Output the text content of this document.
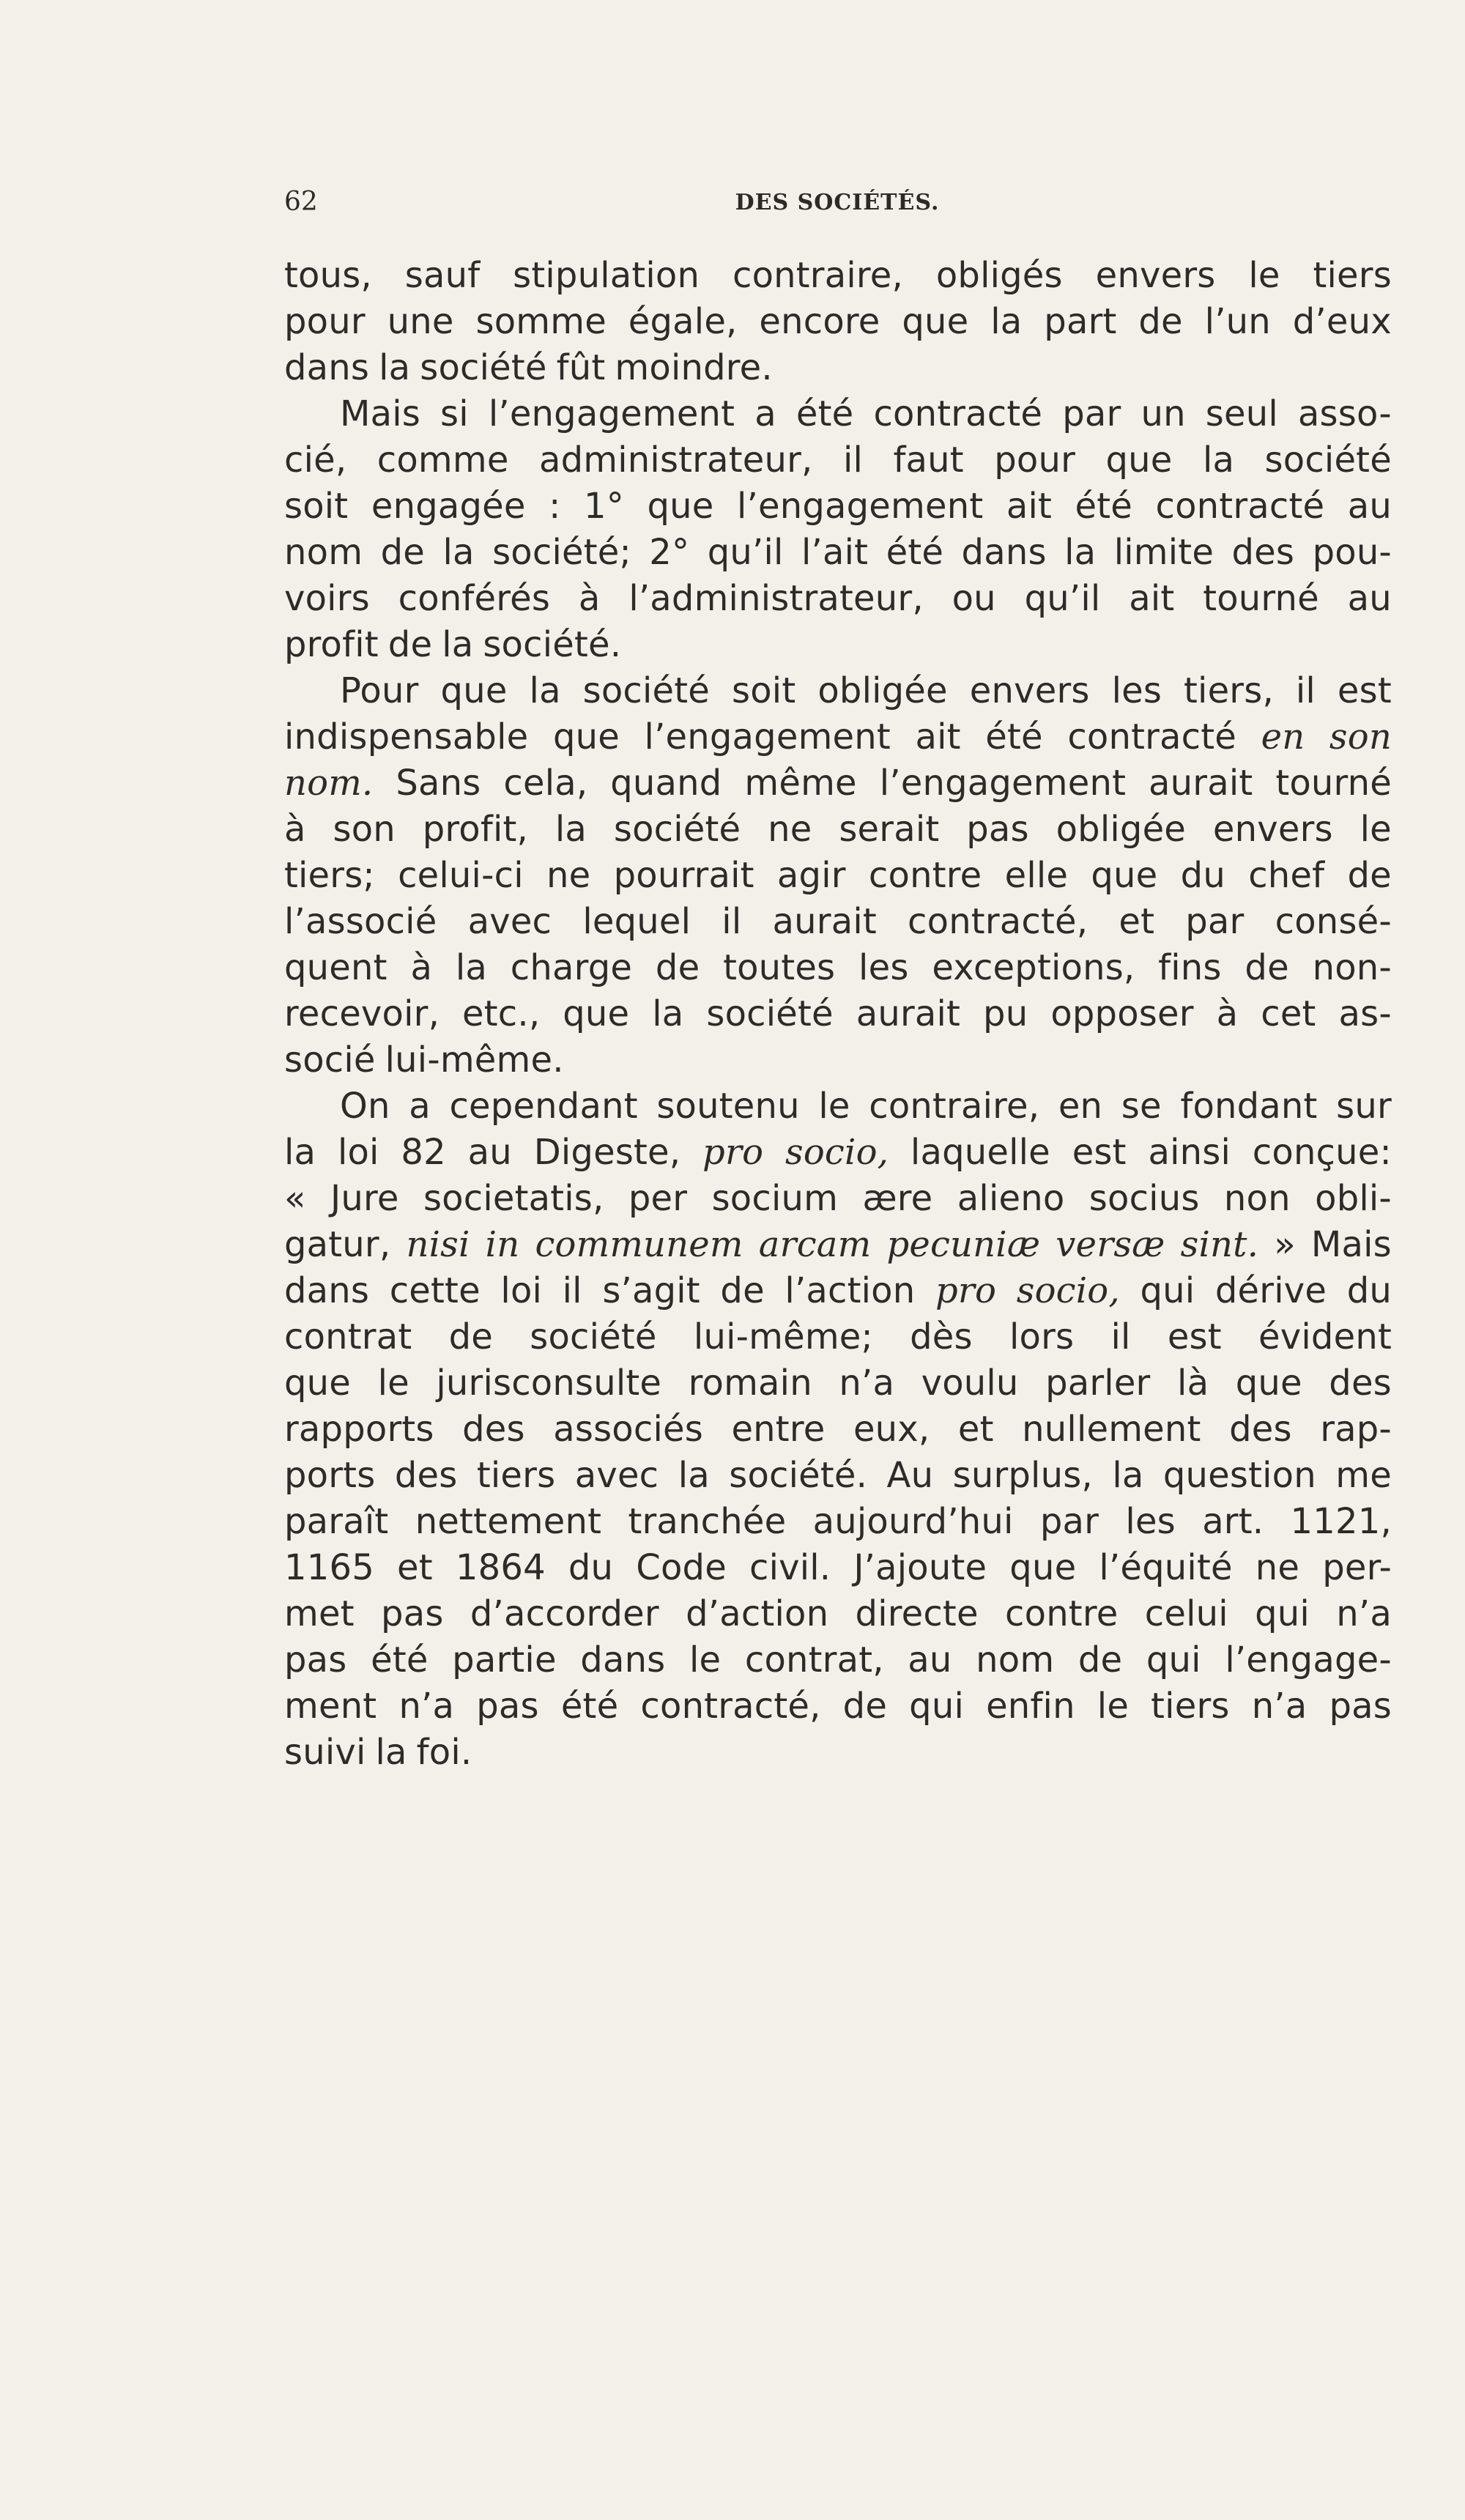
62	DES SOCIÉTÉS.
tous, sauf stipulation contraire, obligés envers le tiers
pour une somme égale, encore que la part de l’un d’eux
dans la société fût moindre.
Mais si l’engagement a été contracté par un seul asso-
cié, comme administrateur, il faut pour que la société
soit engagée : 1° que l’engagement ait été contracté au
nom de la société; 2° qu’il l’ait été dans la limite des pou-
voirs conférés à l’administrateur, ou qu’il ait tourné au
profit de la société.
Pour que la société soit obligée envers les tiers, il est
indispensable que l’engagement ait été contracté en son
nom. Sans cela, quand même l’engagement aurait tourné
à son profit, la société ne serait pas obligée envers le
tiers; celui-ci ne pourrait agir contre elle que du chef de
l’associé avec lequel il aurait contracté, et par consé-
quent à la charge de toutes les exceptions, fins de non-
recevoir, etc., que la société aurait pu opposer à cet as-
socié lui-même.
On a cependant soutenu le contraire, en se fondant sur
la loi 82 au Digeste, pro socio, laquelle est ainsi conçue:
« Jure societatis, per socium ære alieno socius non obli-
gatur, nisi in communem arcam pecuniæ versæ sint. » Mais
dans cette loi il s’agit de l’action pro socio, qui dérive du
contrat de société lui-même; dès lors il est évident
que le jurisconsulte romain n’a voulu parler là que des
rapports des associés entre eux, et nullement des rap-
ports des tiers avec la société. Au surplus, la question me
paraît nettement tranchée aujourd’hui par les art. 1121,
1165 et 1864 du Code civil. J’ajoute que l’équité ne per-
met pas d’accorder d’action directe contre celui qui n’a
pas été partie dans le contrat, au nom de qui l’engage-
ment n’a pas été contracté, de qui enfin le tiers n’a pas
suivi la foi.
